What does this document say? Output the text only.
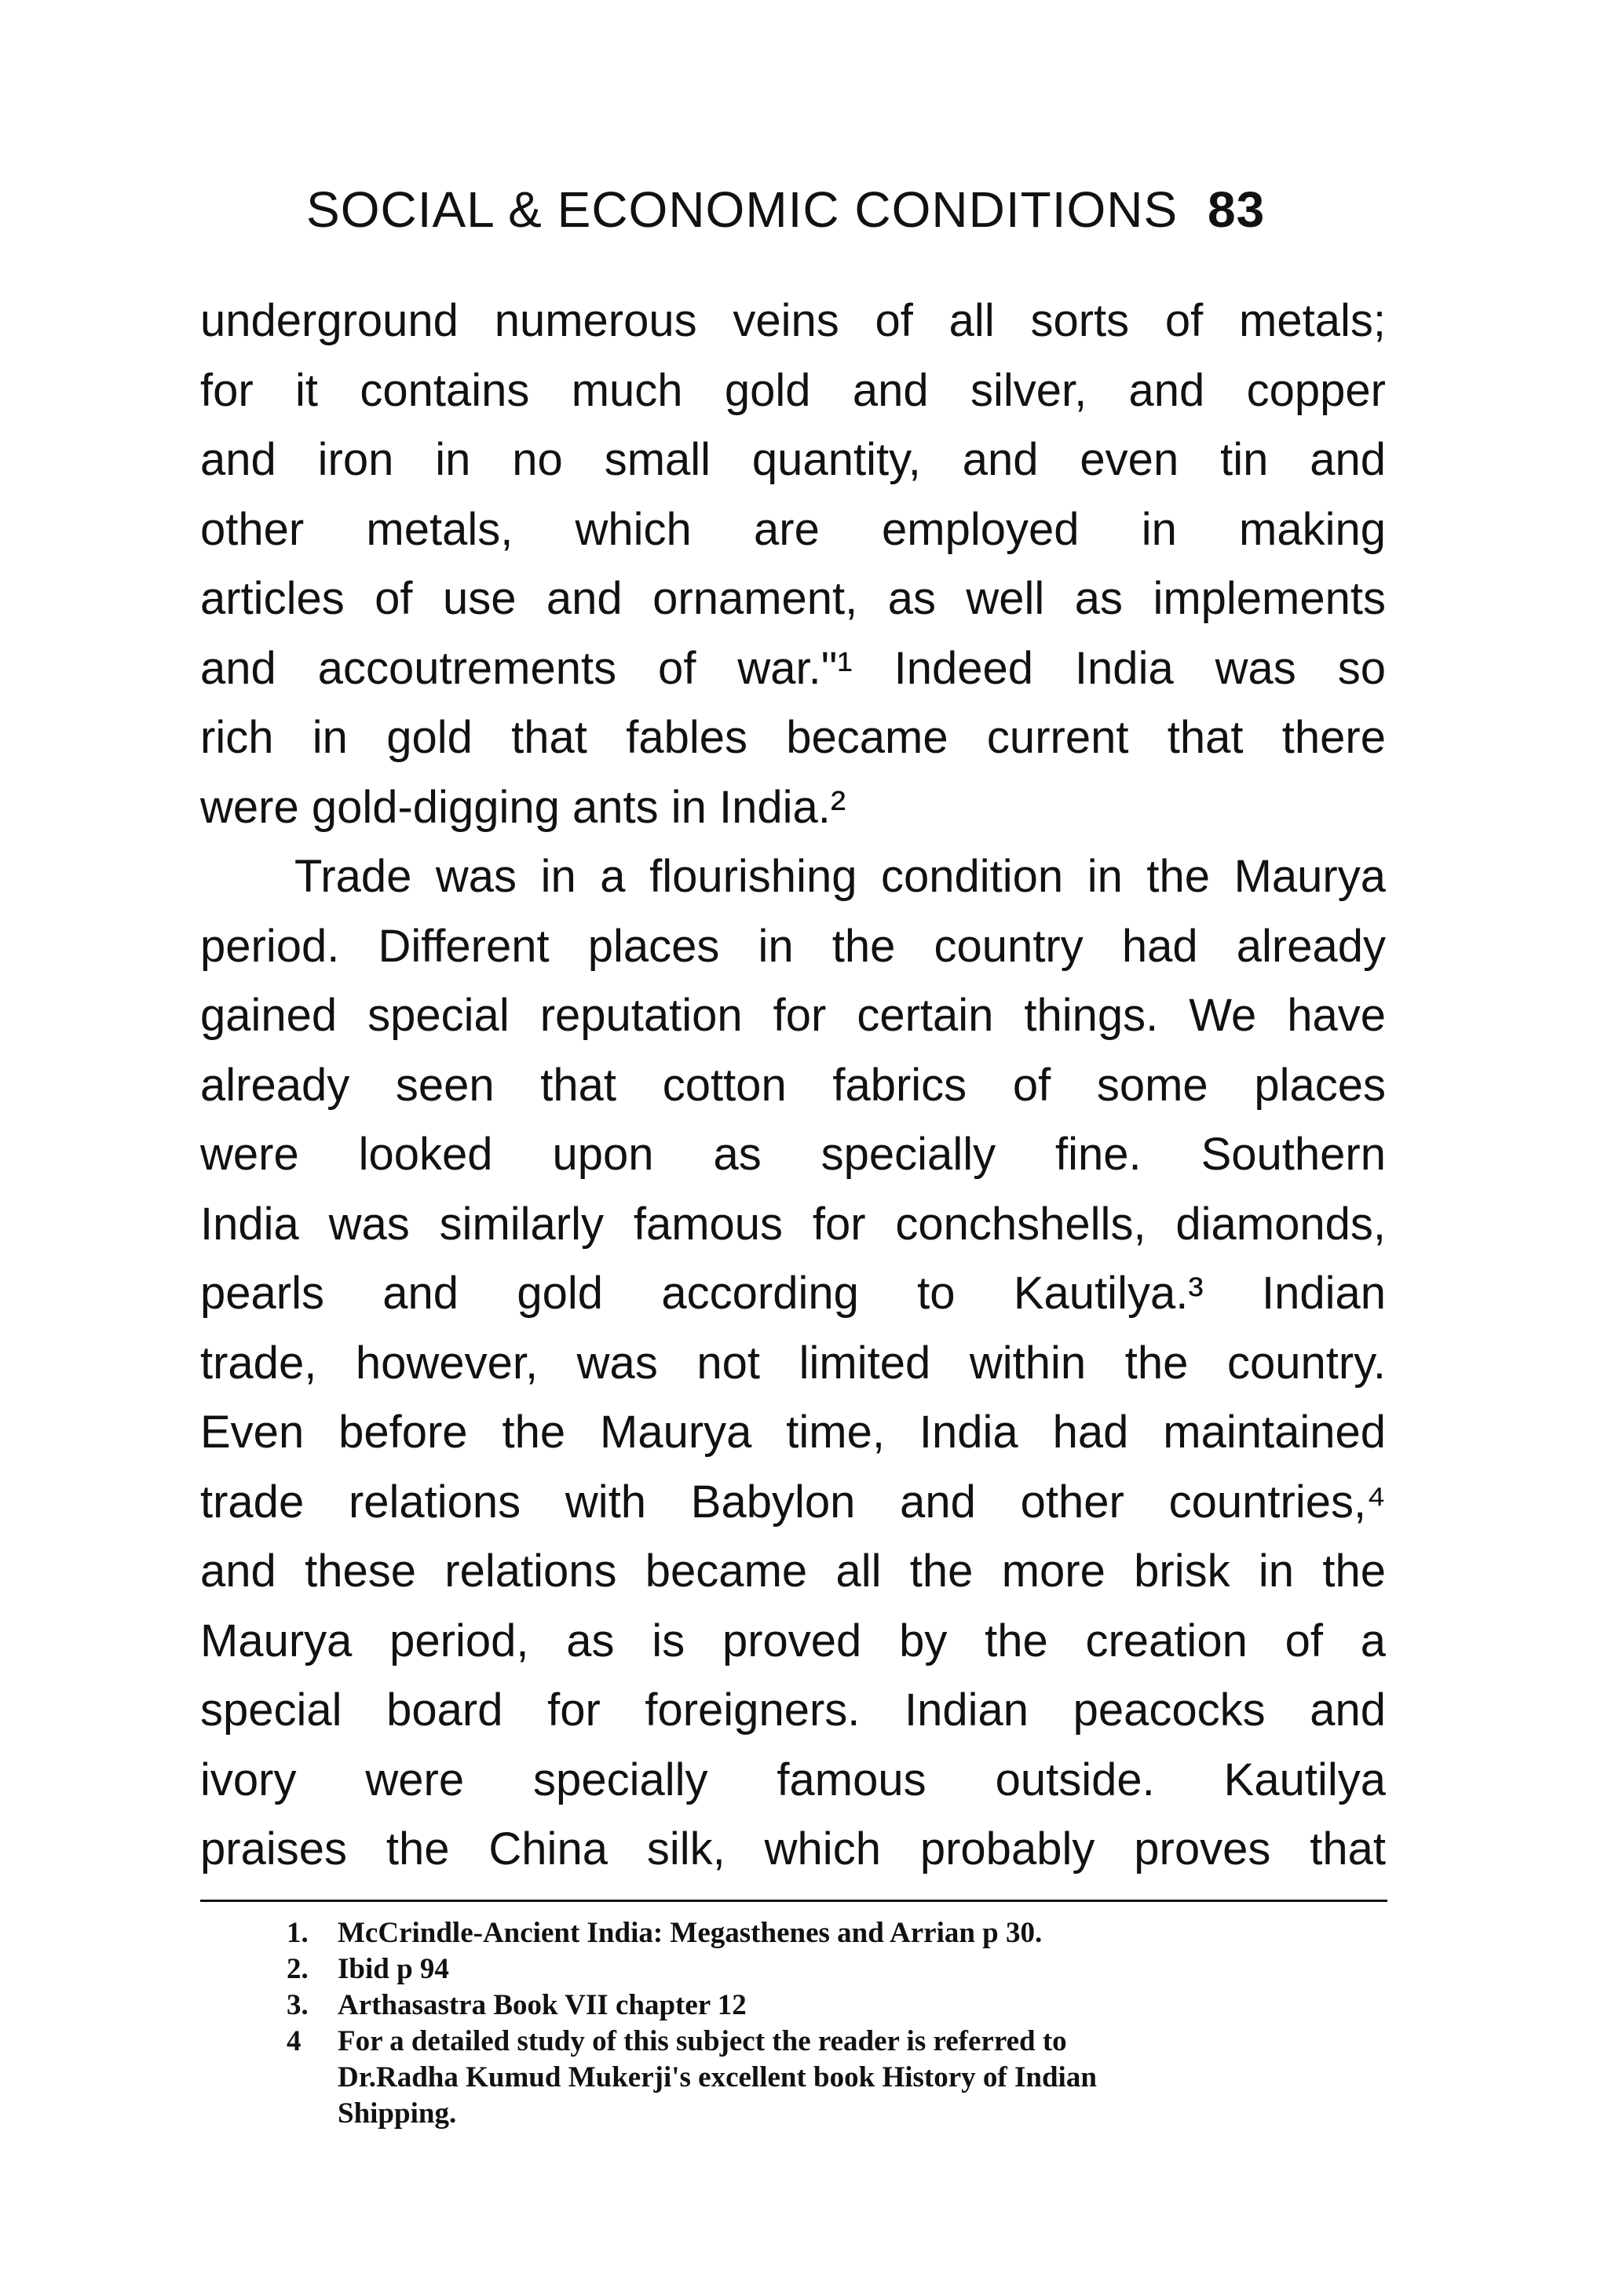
SOCIAL & ECONOMIC CONDITIONS 83
underground numerous veins of all sorts of metals;
for it contains much gold and silver, and copper
and iron in no small quantity, and even tin and
other metals, which are employed in making
articles of use and ornament, as well as implements
and accoutrements of war."¹ Indeed India was so
rich in gold that fables became current that there
were gold-digging ants in India.²
Trade was in a flourishing condition in the Maurya
period. Different places in the country had already
gained special reputation for certain things. We have
already seen that cotton fabrics of some places
were looked upon as specially fine. Southern
India was similarly famous for conchshells, diamonds,
pearls and gold according to Kautilya.³ Indian
trade, however, was not limited within the country.
Even before the Maurya time, India had maintained
trade relations with Babylon and other countries,⁴
and these relations became all the more brisk in the
Maurya period, as is proved by the creation of a
special board for foreigners. Indian peacocks and
ivory were specially famous outside. Kautilya
praises the China silk, which probably proves that
1. McCrindle-Ancient India: Megasthenes and Arrian p 30.
2. Ibid p 94
3. Arthasastra Book VII chapter 12
4 For a detailed study of this subject the reader is referred to
Dr.Radha Kumud Mukerji's excellent book History of Indian
Shipping.
